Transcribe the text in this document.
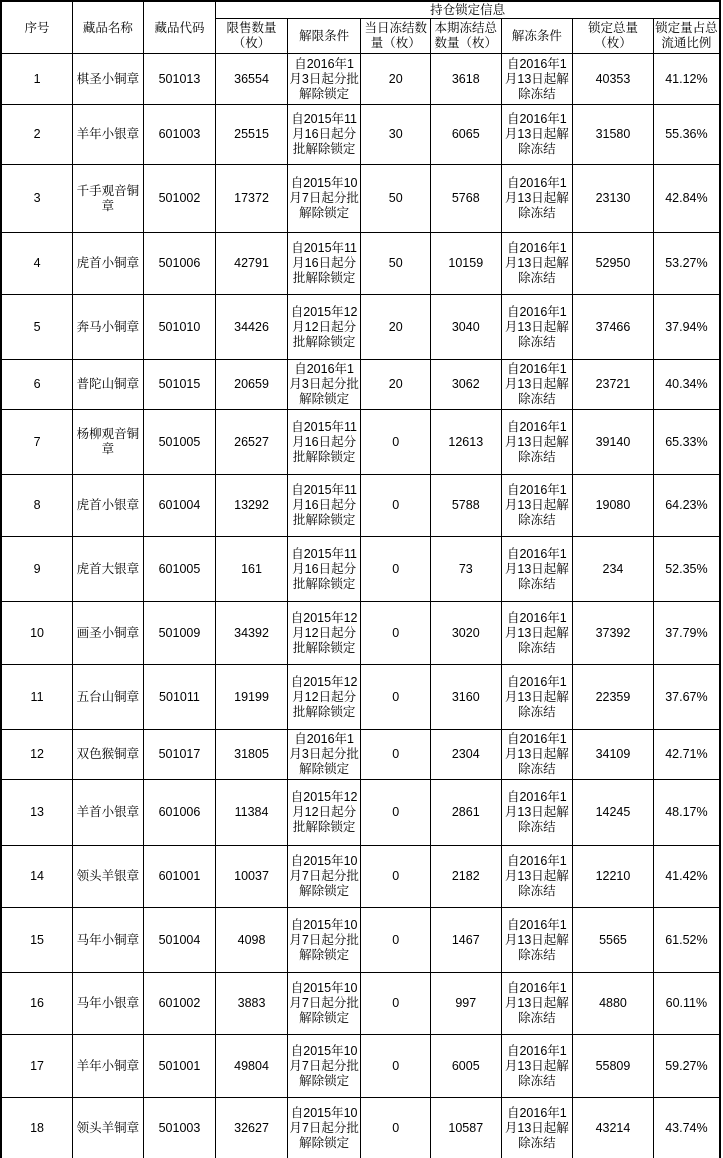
序号	藏品名称	藏品代码	持仓锁定信息						
			限售数量（枚）	解限条件	当日冻结数量（枚）	本期冻结总数量（枚）	解冻条件	锁定总量（枚）	锁定量占总流通比例
1	棋圣小铜章	501013	36554	自2016年1月3日起分批解除锁定	20	3618	自2016年1月13日起解除冻结	40353	41.12%
2	羊年小银章	601003	25515	自2015年11月16日起分批解除锁定	30	6065	自2016年1月13日起解除冻结	31580	55.36%
3	千手观音铜章	501002	17372	自2015年10月7日起分批解除锁定	50	5768	自2016年1月13日起解除冻结	23130	42.84%
4	虎首小铜章	501006	42791	自2015年11月16日起分批解除锁定	50	10159	自2016年1月13日起解除冻结	52950	53.27%
5	奔马小铜章	501010	34426	自2015年12月12日起分批解除锁定	20	3040	自2016年1月13日起解除冻结	37466	37.94%
6	普陀山铜章	501015	20659	自2016年1月3日起分批解除锁定	20	3062	自2016年1月13日起解除冻结	23721	40.34%
7	杨柳观音铜章	501005	26527	自2015年11月16日起分批解除锁定	0	12613	自2016年1月13日起解除冻结	39140	65.33%
8	虎首小银章	601004	13292	自2015年11月16日起分批解除锁定	0	5788	自2016年1月13日起解除冻结	19080	64.23%
9	虎首大银章	601005	161	自2015年11月16日起分批解除锁定	0	73	自2016年1月13日起解除冻结	234	52.35%
10	画圣小铜章	501009	34392	自2015年12月12日起分批解除锁定	0	3020	自2016年1月13日起解除冻结	37392	37.79%
11	五台山铜章	501011	19199	自2015年12月12日起分批解除锁定	0	3160	自2016年1月13日起解除冻结	22359	37.67%
12	双色猴铜章	501017	31805	自2016年1月3日起分批解除锁定	0	2304	自2016年1月13日起解除冻结	34109	42.71%
13	羊首小银章	601006	11384	自2015年12月12日起分批解除锁定	0	2861	自2016年1月13日起解除冻结	14245	48.17%
14	领头羊银章	601001	10037	自2015年10月7日起分批解除锁定	0	2182	自2016年1月13日起解除冻结	12210	41.42%
15	马年小铜章	501004	4098	自2015年10月7日起分批解除锁定	0	1467	自2016年1月13日起解除冻结	5565	61.52%
16	马年小银章	601002	3883	自2015年10月7日起分批解除锁定	0	997	自2016年1月13日起解除冻结	4880	60.11%
17	羊年小铜章	501001	49804	自2015年10月7日起分批解除锁定	0	6005	自2016年1月13日起解除冻结	55809	59.27%
18	领头羊铜章	501003	32627	自2015年10月7日起分批解除锁定	0	10587	自2016年1月13日起解除冻结	43214	43.74%
